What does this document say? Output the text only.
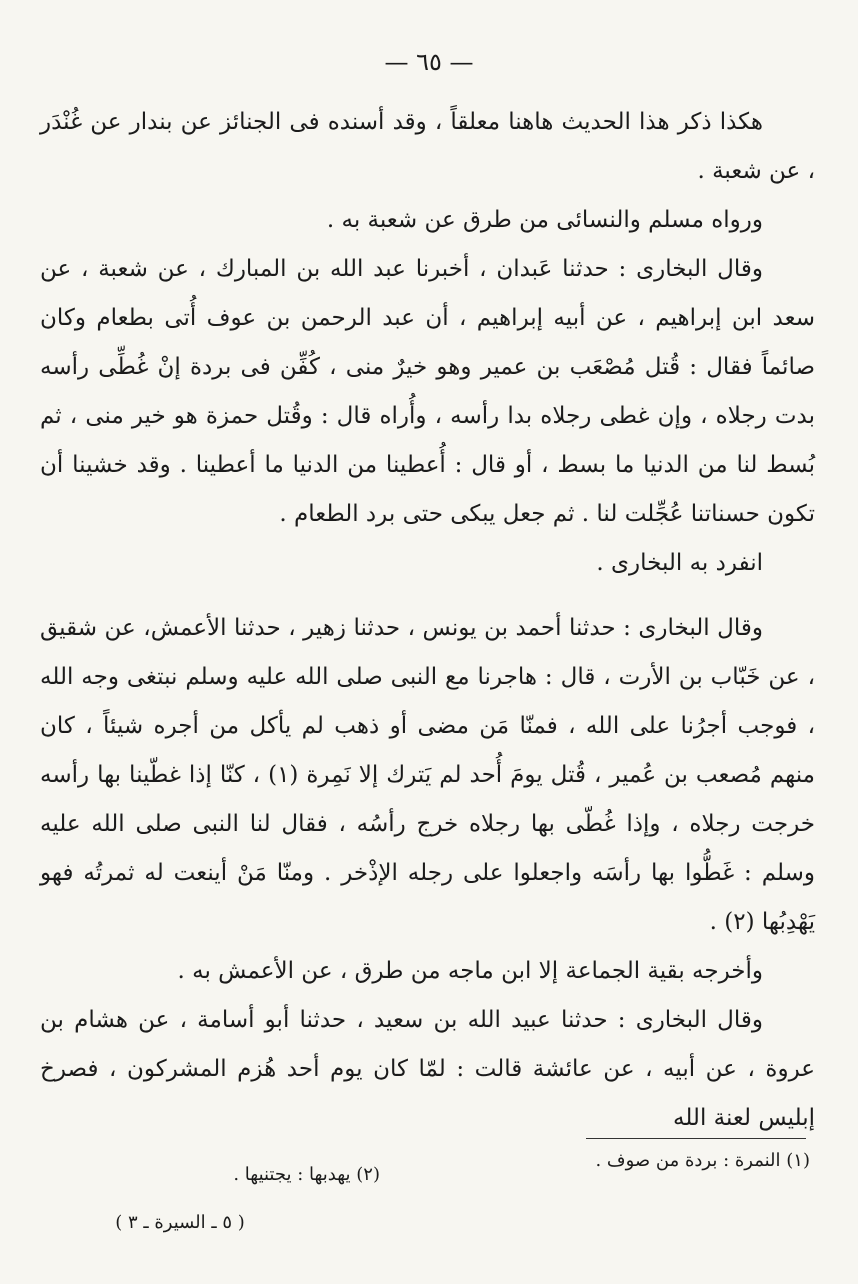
— ٦٥ —

هكذا ذكر هذا الحديث هاهنا معلقاً ، وقد أسنده فى الجنائز عن بندار عن غُنْدَر ، عن شعبة .

ورواه مسلم والنسائى من طرق عن شعبة به .

وقال البخارى : حدثنا عَبدان ، أخبرنا عبد الله بن المبارك ، عن شعبة ، عن سعد ابن إبراهيم ، عن أبيه إبراهيم ، أن عبد الرحمن بن عوف أُتى بطعام وكان صائماً فقال : قُتل مُصْعَب بن عمير وهو خيرٌ منى ، كُفِّن فى بردة إنْ غُطِّى رأسه بدت رجلاه ، وإن غطى رجلاه بدا رأسه ، وأُراه قال : وقُتل حمزة هو خير منى ، ثم بُسط لنا من الدنيا ما بسط ، أو قال : أُعطينا من الدنيا ما أعطينا . وقد خشينا أن تكون حسناتنا عُجِّلت لنا . ثم جعل يبكى حتى برد الطعام .

انفرد به البخارى .

وقال البخارى : حدثنا أحمد بن يونس ، حدثنا زهير ، حدثنا الأعمش، عن شقيق ، عن خَبّاب بن الأرت ، قال : هاجرنا مع النبى صلى الله عليه وسلم نبتغى وجه الله ، فوجب أجرُنا على الله ، فمنّا مَن مضى أو ذهب لم يأكل من أجره شيئاً ، كان منهم مُصعب بن عُمير ، قُتل يومَ أُحد لم يَترك إلا نَمِرة (١) ، كنّا إذا غطّينا بها رأسه خرجت رجلاه ، وإذا غُطّى بها رجلاه خرج رأسُه ، فقال لنا النبى صلى الله عليه وسلم : غَطُّوا بها رأسَه واجعلوا على رجله الإذْخر . ومنّا مَنْ أينعت له ثمرتُه فهو يَهْدِبُها (٢) .

وأخرجه بقية الجماعة إلا ابن ماجه من طرق ، عن الأعمش به .

وقال البخارى : حدثنا عبيد الله بن سعيد ، حدثنا أبو أسامة ، عن هشام بن عروة ، عن أبيه ، عن عائشة قالت : لمّا كان يوم أحد هُزم المشركون ، فصرخ إبليس لعنة الله

(١) النمرة : بردة من صوف .
(٢) يهدبها : يجتنيها .
( ٥ ـ السيرة ـ ٣ )
